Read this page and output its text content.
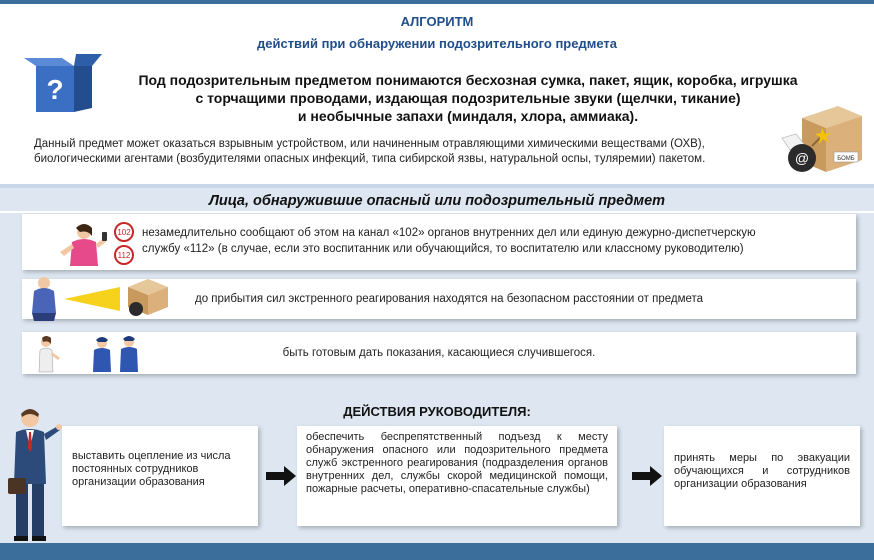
АЛГОРИТМ
действий при обнаружении подозрительного предмета
?	Под подозрительным предметом понимаются бесхозная сумка, пакет, ящик, коробка, игрушка
с торчащими проводами, издающая подозрительные звуки (щелчки, тикание)
и необычные запахи (миндаля, хлора, аммиака).
Данный предмет может оказаться взрывным устройством, или начиненным отравляющими химическими веществами (ОХВ),
биологическими агентами (возбудителями опасных инфекций, типа сибирской язвы, натуральной оспы, туляремии) пакетом.	БОМБ
@
Лица, обнаружившие опасный или подозрительный предмет
102
112
незамедлительно сообщают об этом на канал «102» органов внутренних дел или единую дежурно-диспетчерскую
службу «112» (в случае, если это воспитанник или обучающийся, то воспитателю или классному руководителю)
до прибытия сил экстренного реагирования находятся на безопасном расстоянии от предмета
быть готовым дать показания, касающиеся случившегося.
ДЕЙСТВИЯ РУКОВОДИТЕЛЯ:
выставить оцепление из числа постоянных сотрудников организации образования
обеспечить беспрепятственный подъезд к месту обнаружения опасного или подозрительного предмета служб экстренного реагирования (подразделения органов внутренних дел, службы скорой медицинской помощи, пожарные расчеты, оперативно-спасательные службы)
принять меры по эвакуации обучающихся и сотрудников организации образования
